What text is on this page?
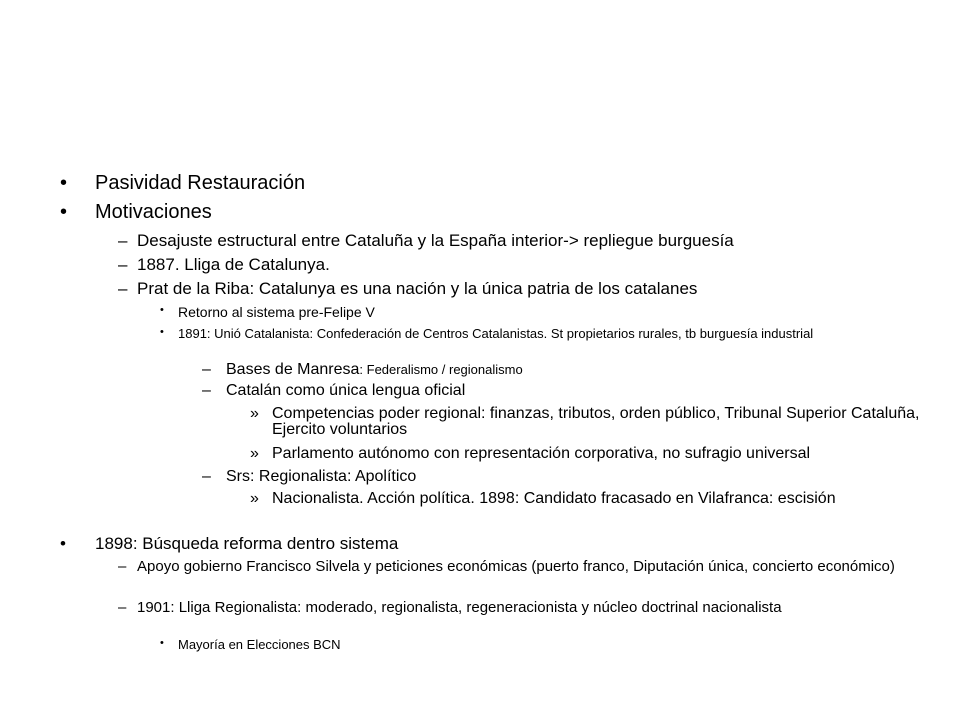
• Pasividad Restauración
• Motivaciones
– Desajuste estructural entre Cataluña y la España interior-> repliegue burguesía
– 1887. Lliga de Catalunya.
– Prat de la Riba: Catalunya es una nación y la única patria de los catalanes
• Retorno al sistema pre-Felipe V
• 1891: Unió Catalanista: Confederación de Centros Catalanistas. St propietarios rurales, tb burguesía industrial
– Bases de Manresa: Federalismo / regionalismo
– Catalán como única lengua oficial
» Competencias poder regional: finanzas, tributos, orden público, Tribunal Superior Cataluña, Ejercito voluntarios
» Parlamento autónomo con representación corporativa, no sufragio universal
– Srs: Regionalista: Apolítico
» Nacionalista. Acción política. 1898: Candidato fracasado en Vilafranca: escisión
• 1898: Búsqueda reforma dentro sistema
– Apoyo gobierno Francisco Silvela y peticiones económicas (puerto franco, Diputación única, concierto económico)
– 1901: Lliga Regionalista: moderado, regionalista, regeneracionista y núcleo doctrinal nacionalista
• Mayoría en Elecciones BCN
